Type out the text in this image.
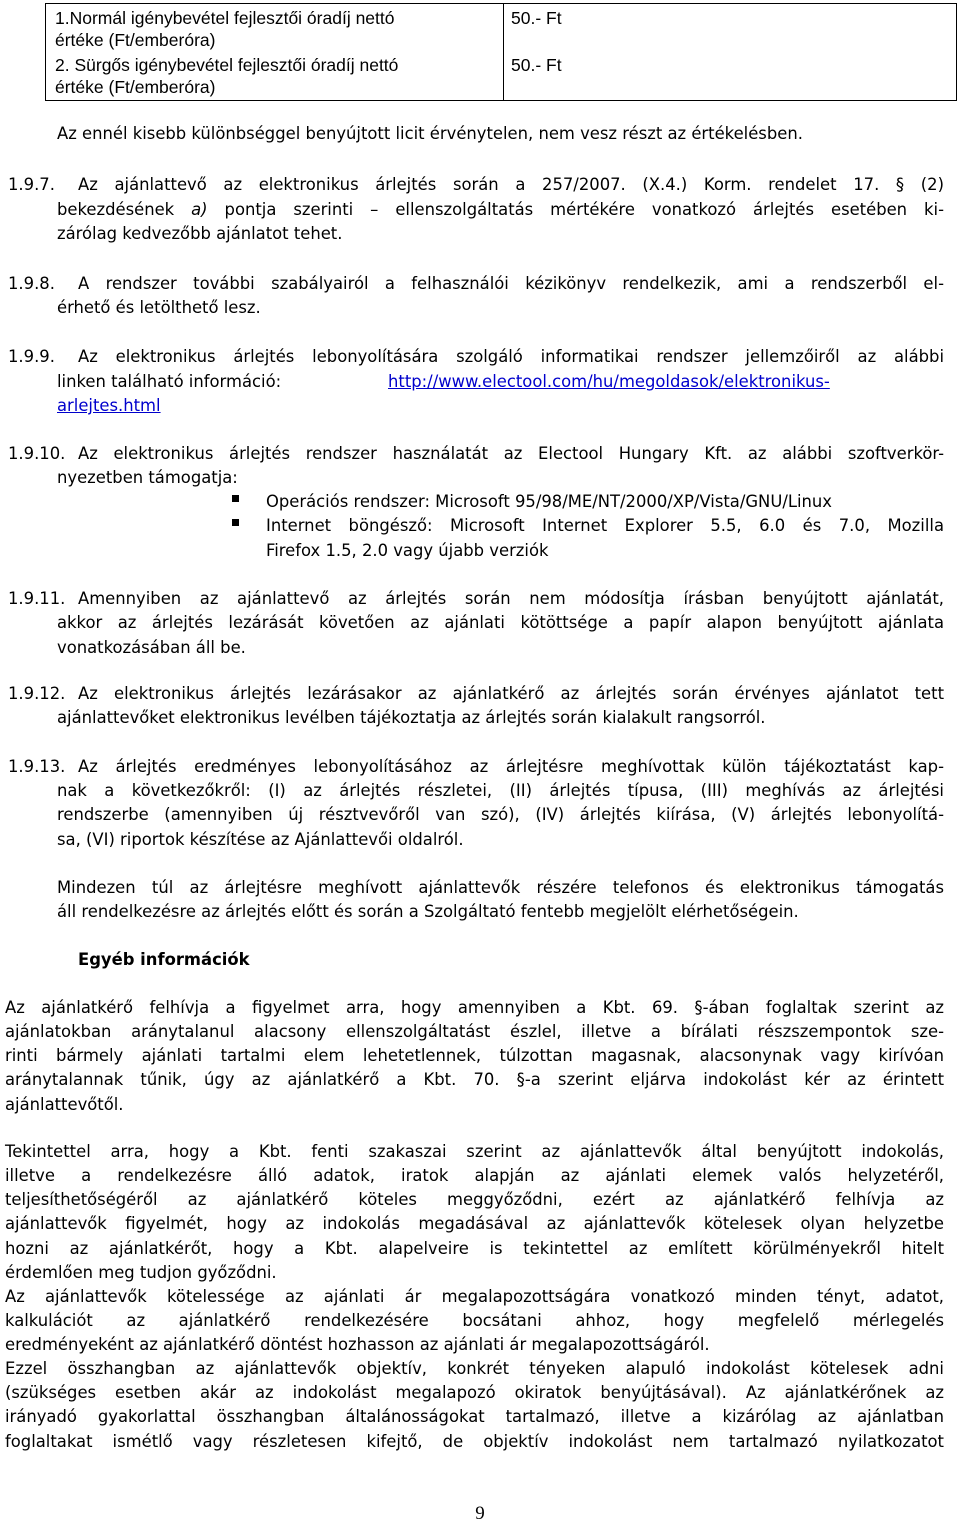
1.Normál igénybevétel fejlesztői óradíj nettó
értéke (Ft/emberóra)
50.- Ft
2. Sürgős igénybevétel fejlesztői óradíj nettó
értéke (Ft/emberóra)
50.- Ft
Az ennél kisebb különbséggel benyújtott licit érvénytelen, nem vesz részt az értékelésben.
1.9.7. Az ajánlattevő az elektronikus árlejtés során a 257/2007. (X.4.) Korm. rendelet 17. § (2)
bekezdésének a) pontja szerinti – ellenszolgáltatás mértékére vonatkozó árlejtés esetében ki-
zárólag kedvezőbb ajánlatot tehet.
1.9.8. A rendszer további szabályairól a felhasználói kézikönyv rendelkezik, ami a rendszerből el-
érhető és letölthető lesz.
1.9.9. Az elektronikus árlejtés lebonyolítására szolgáló informatikai rendszer jellemzőiről az alábbi
linken található információ:	http://www.electool.com/hu/megoldasok/elektronikus-
arlejtes.html
1.9.10. Az elektronikus árlejtés rendszer használatát az Electool Hungary Kft. az alábbi szoftverkör-
nyezetben támogatja:
Operációs rendszer: Microsoft 95/98/ME/NT/2000/XP/Vista/GNU/Linux
Internet böngésző: Microsoft Internet Explorer 5.5, 6.0 és 7.0, Mozilla
Firefox 1.5, 2.0 vagy újabb verziók
1.9.11. Amennyiben az ajánlattevő az árlejtés során nem módosítja írásban benyújtott ajánlatát,
akkor az árlejtés lezárását követően az ajánlati kötöttsége a papír alapon benyújtott ajánlata
vonatkozásában áll be.
1.9.12. Az elektronikus árlejtés lezárásakor az ajánlatkérő az árlejtés során érvényes ajánlatot tett
ajánlattevőket elektronikus levélben tájékoztatja az árlejtés során kialakult rangsorról.
1.9.13. Az árlejtés eredményes lebonyolításához az árlejtésre meghívottak külön tájékoztatást kap-
nak a következőkről: (I) az árlejtés részletei, (II) árlejtés típusa, (III) meghívás az árlejtési
rendszerbe (amennyiben új résztvevőről van szó), (IV) árlejtés kiírása, (V) árlejtés lebonyolítá-
sa, (VI) riportok készítése az Ajánlattevői oldalról.
Mindezen túl az árlejtésre meghívott ajánlattevők részére telefonos és elektronikus támogatás
áll rendelkezésre az árlejtés előtt és során a Szolgáltató fentebb megjelölt elérhetőségein.
Egyéb információk
Az ajánlatkérő felhívja a figyelmet arra, hogy amennyiben a Kbt. 69. §-ában foglaltak szerint az
ajánlatokban aránytalanul alacsony ellenszolgáltatást észlel, illetve a bírálati részszempontok sze-
rinti bármely ajánlati tartalmi elem lehetetlennek, túlzottan magasnak, alacsonynak vagy kirívóan
aránytalannak tűnik, úgy az ajánlatkérő a Kbt. 70. §-a szerint eljárva indokolást kér az érintett
ajánlattevőtől.
Tekintettel arra, hogy a Kbt. fenti szakaszai szerint az ajánlattevők által benyújtott indokolás,
illetve a rendelkezésre álló adatok, iratok alapján az ajánlati elemek valós helyzetéről,
teljesíthetőségéről az ajánlatkérő köteles meggyőződni, ezért az ajánlatkérő felhívja az
ajánlattevők figyelmét, hogy az indokolás megadásával az ajánlattevők kötelesek olyan helyzetbe
hozni az ajánlatkérőt, hogy a Kbt. alapelveire is tekintettel az említett körülményekről hitelt
érdemlően meg tudjon győződni.
Az ajánlattevők kötelessége az ajánlati ár megalapozottságára vonatkozó minden tényt, adatot,
kalkulációt az ajánlatkérő rendelkezésére bocsátani ahhoz, hogy megfelelő mérlegelés
eredményeként az ajánlatkérő döntést hozhasson az ajánlati ár megalapozottságáról.
Ezzel összhangban az ajánlattevők objektív, konkrét tényeken alapuló indokolást kötelesek adni
(szükséges esetben akár az indokolást megalapozó okiratok benyújtásával). Az ajánlatkérőnek az
irányadó gyakorlattal összhangban általánosságokat tartalmazó, illetve a kizárólag az ajánlatban
foglaltakat ismétlő vagy részletesen kifejtő, de objektív indokolást nem tartalmazó nyilatkozatot
9
